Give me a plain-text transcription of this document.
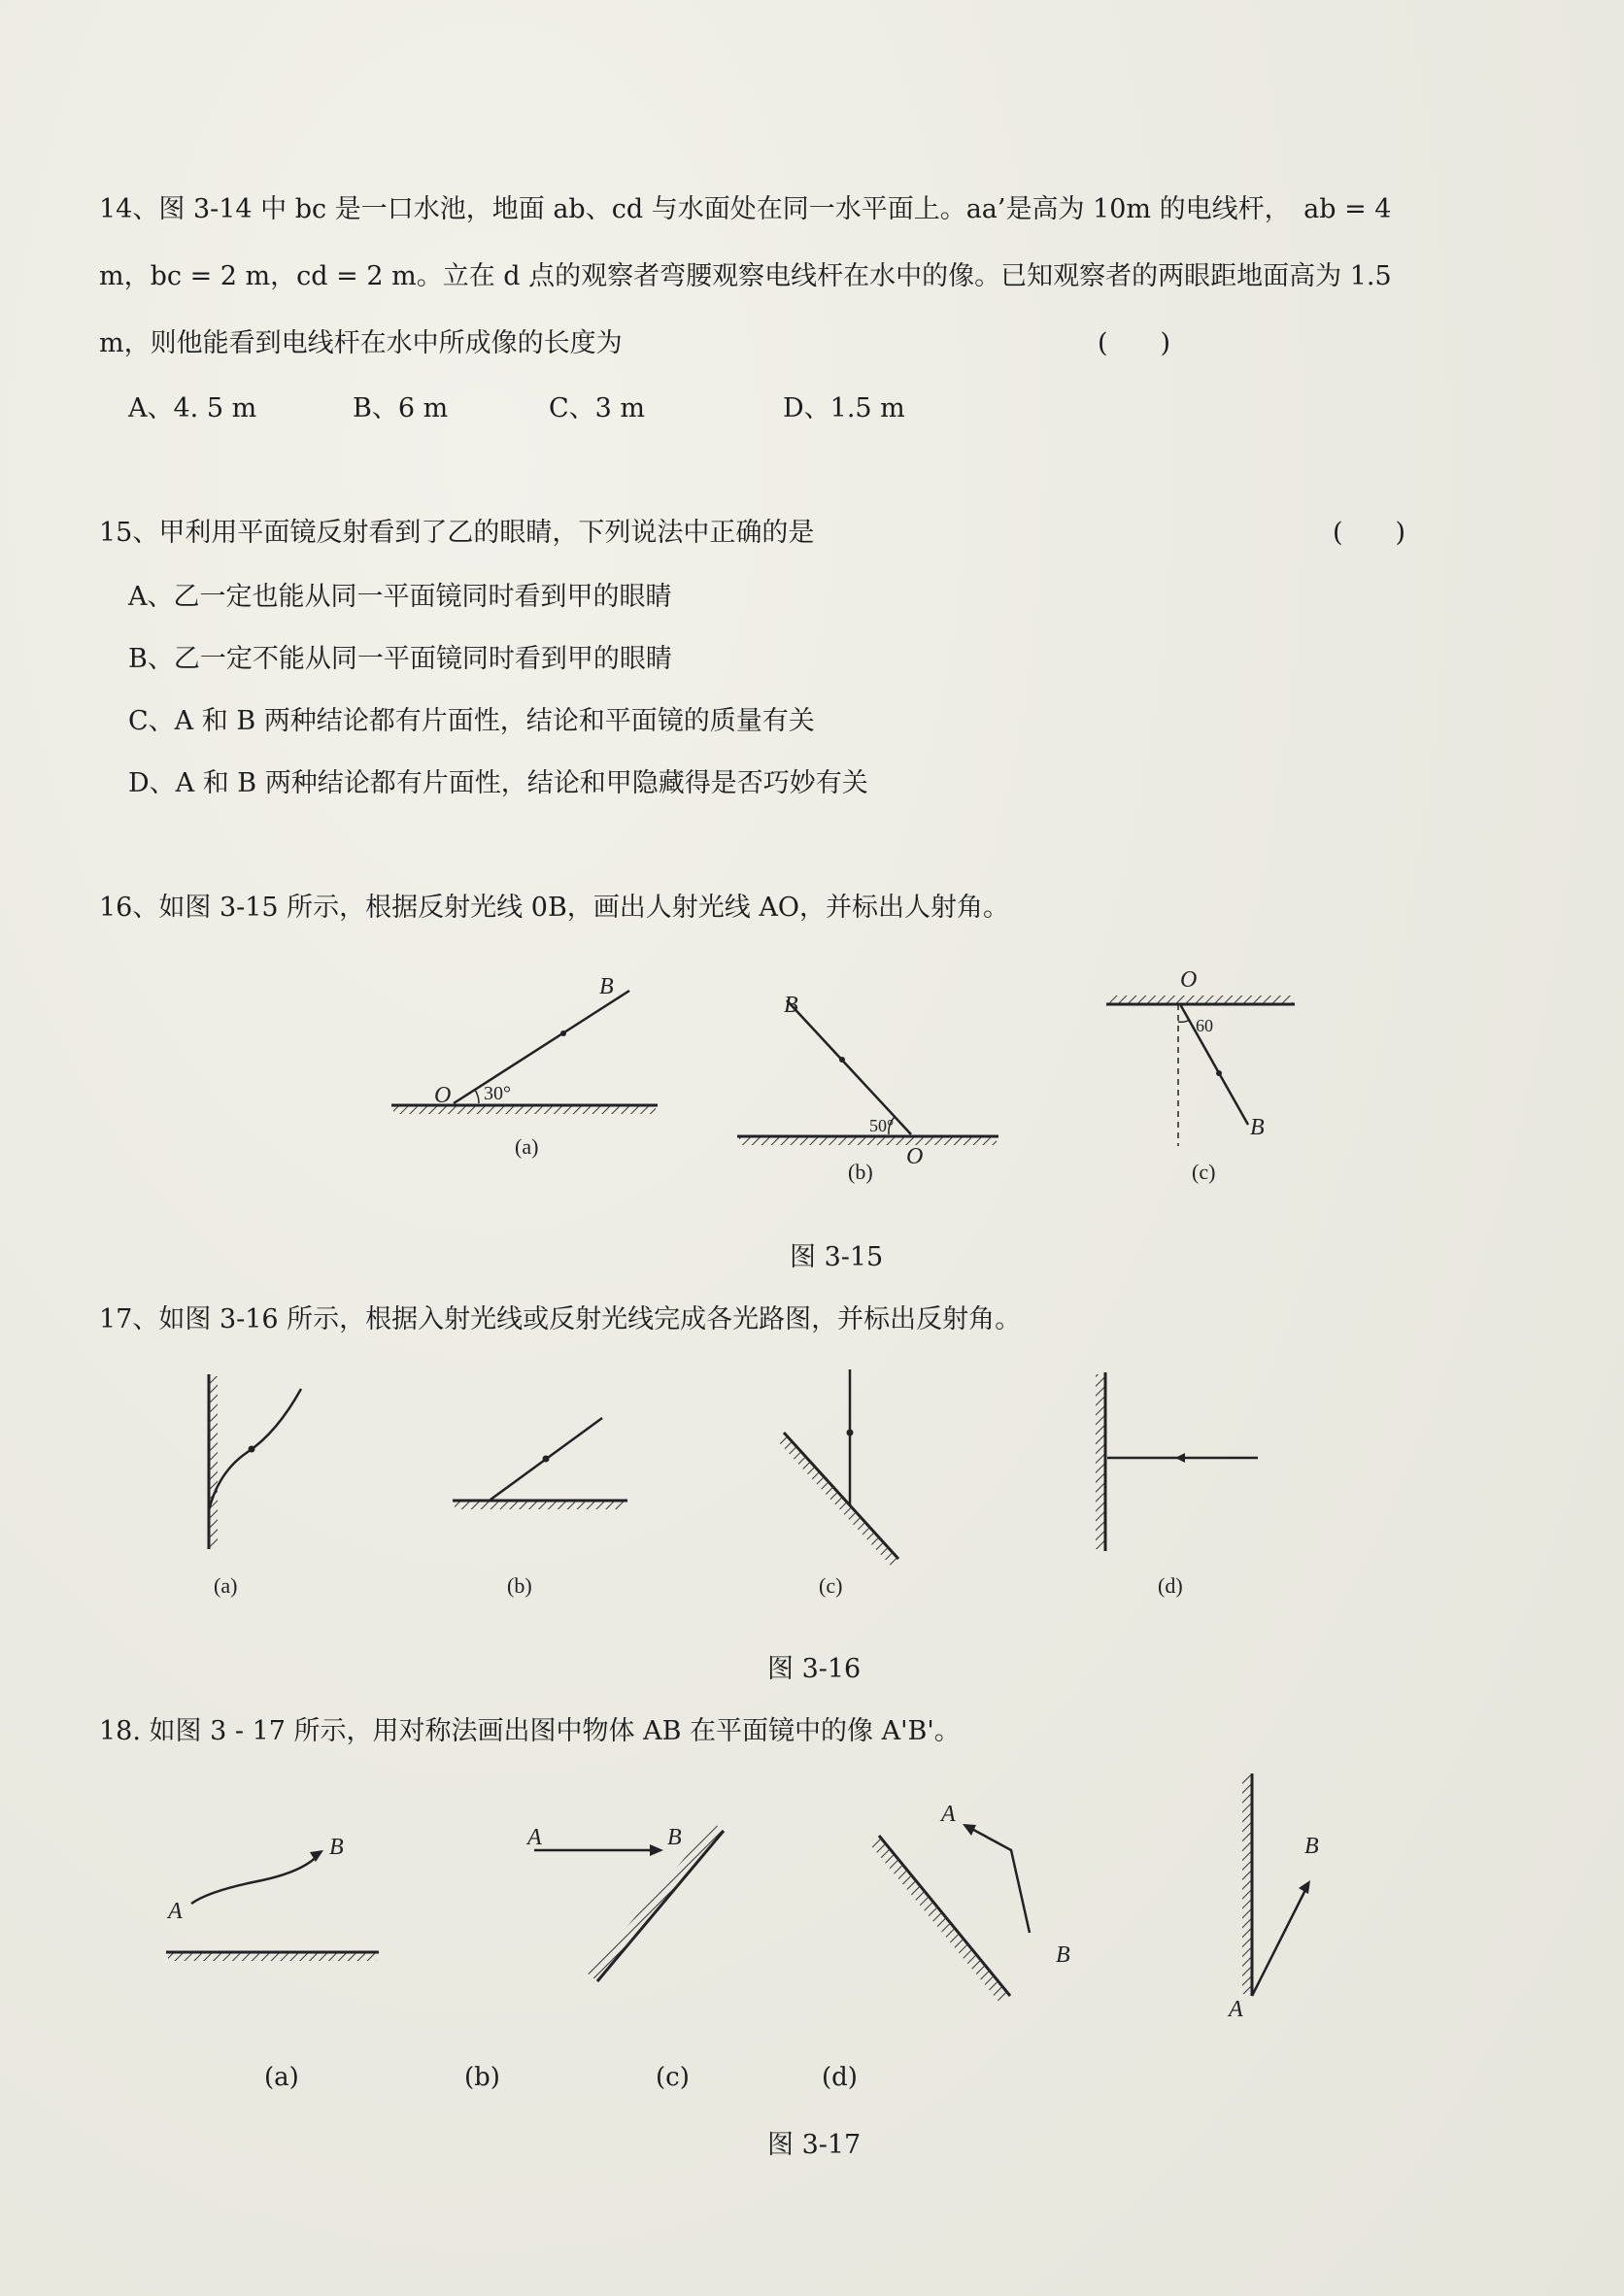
14、图 3-14 中 bc 是一口水池，地面 ab、cd 与水面处在同一水平面上。aa’是高为 10m 的电线杆，　ab = 4
m，bc = 2 m，cd = 2 m。立在 d 点的观察者弯腰观察电线杆在水中的像。已知观察者的两眼距地面高为 1.5
m，则他能看到电线杆在水中所成像的长度为	(　　)
A、4. 5 m	B、6 m	C、3 m	D、1.5 m
15、甲利用平面镜反射看到了乙的眼睛，下列说法中正确的是	(　　)
A、乙一定也能从同一平面镜同时看到甲的眼睛
B、乙一定不能从同一平面镜同时看到甲的眼睛
C、A 和 B 两种结论都有片面性，结论和平面镜的质量有关
D、A 和 B 两种结论都有片面性，结论和甲隐藏得是否巧妙有关
16、如图 3-15 所示，根据反射光线 0B，画出人射光线 AO，并标出人射角。
O
B
30°
(a)
B
O
50°
(b)
O
B
60
(c)
图 3-15
17、如图 3-16 所示，根据入射光线或反射光线完成各光路图，并标出反射角。
(a)	(b)	(c)	(d)
图 3-16
18. 如图 3 - 17 所示，用对称法画出图中物体 AB 在平面镜中的像 A'B'。
A
B	A	B
A
B
A
B
(a)	(b)	(c)	(d)
图 3-17
